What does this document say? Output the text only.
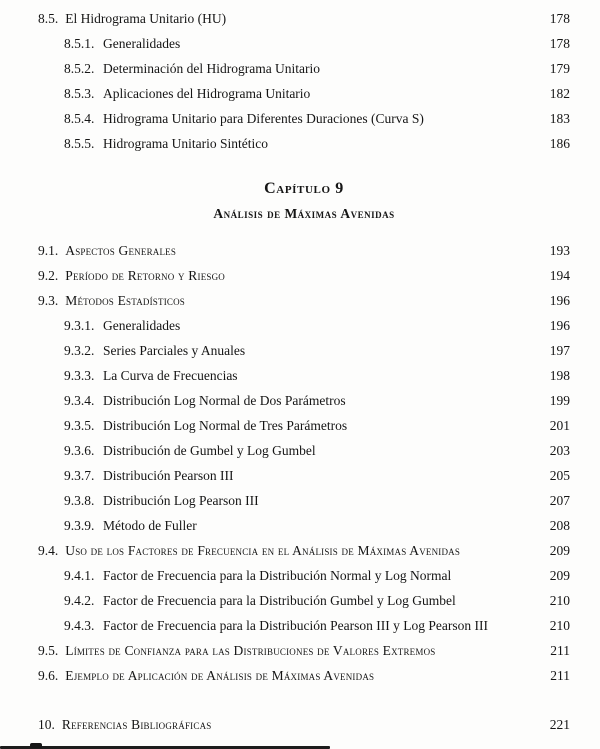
8.5. El Hidrograma Unitario (HU)	178
8.5.1. Generalidades	178
8.5.2. Determinación del Hidrograma Unitario	179
8.5.3. Aplicaciones del Hidrograma Unitario	182
8.5.4. Hidrograma Unitario para Diferentes Duraciones (Curva S)	183
8.5.5. Hidrograma Unitario Sintético	186
Capítulo 9
Análisis de Máximas Avenidas
9.1. Aspectos Generales	193
9.2. Período de Retorno y Riesgo	194
9.3. Métodos Estadísticos	196
9.3.1. Generalidades	196
9.3.2. Series Parciales y Anuales	197
9.3.3. La Curva de Frecuencias	198
9.3.4. Distribución Log Normal de Dos Parámetros	199
9.3.5. Distribución Log Normal de Tres Parámetros	201
9.3.6. Distribución de Gumbel y Log Gumbel	203
9.3.7. Distribución Pearson III	205
9.3.8. Distribución Log Pearson III	207
9.3.9. Método de Fuller	208
9.4. Uso de los Factores de Frecuencia en el Análisis de Máximas Avenidas	209
9.4.1. Factor de Frecuencia para la Distribución Normal y Log Normal	209
9.4.2. Factor de Frecuencia para la Distribución Gumbel y Log Gumbel	210
9.4.3. Factor de Frecuencia para la Distribución Pearson III y Log Pearson III	210
9.5. Límites de Confianza para las Distribuciones de Valores Extremos	211
9.6. Ejemplo de Aplicación de Análisis de Máximas Avenidas	211
10. Referencias Bibliográficas	221
